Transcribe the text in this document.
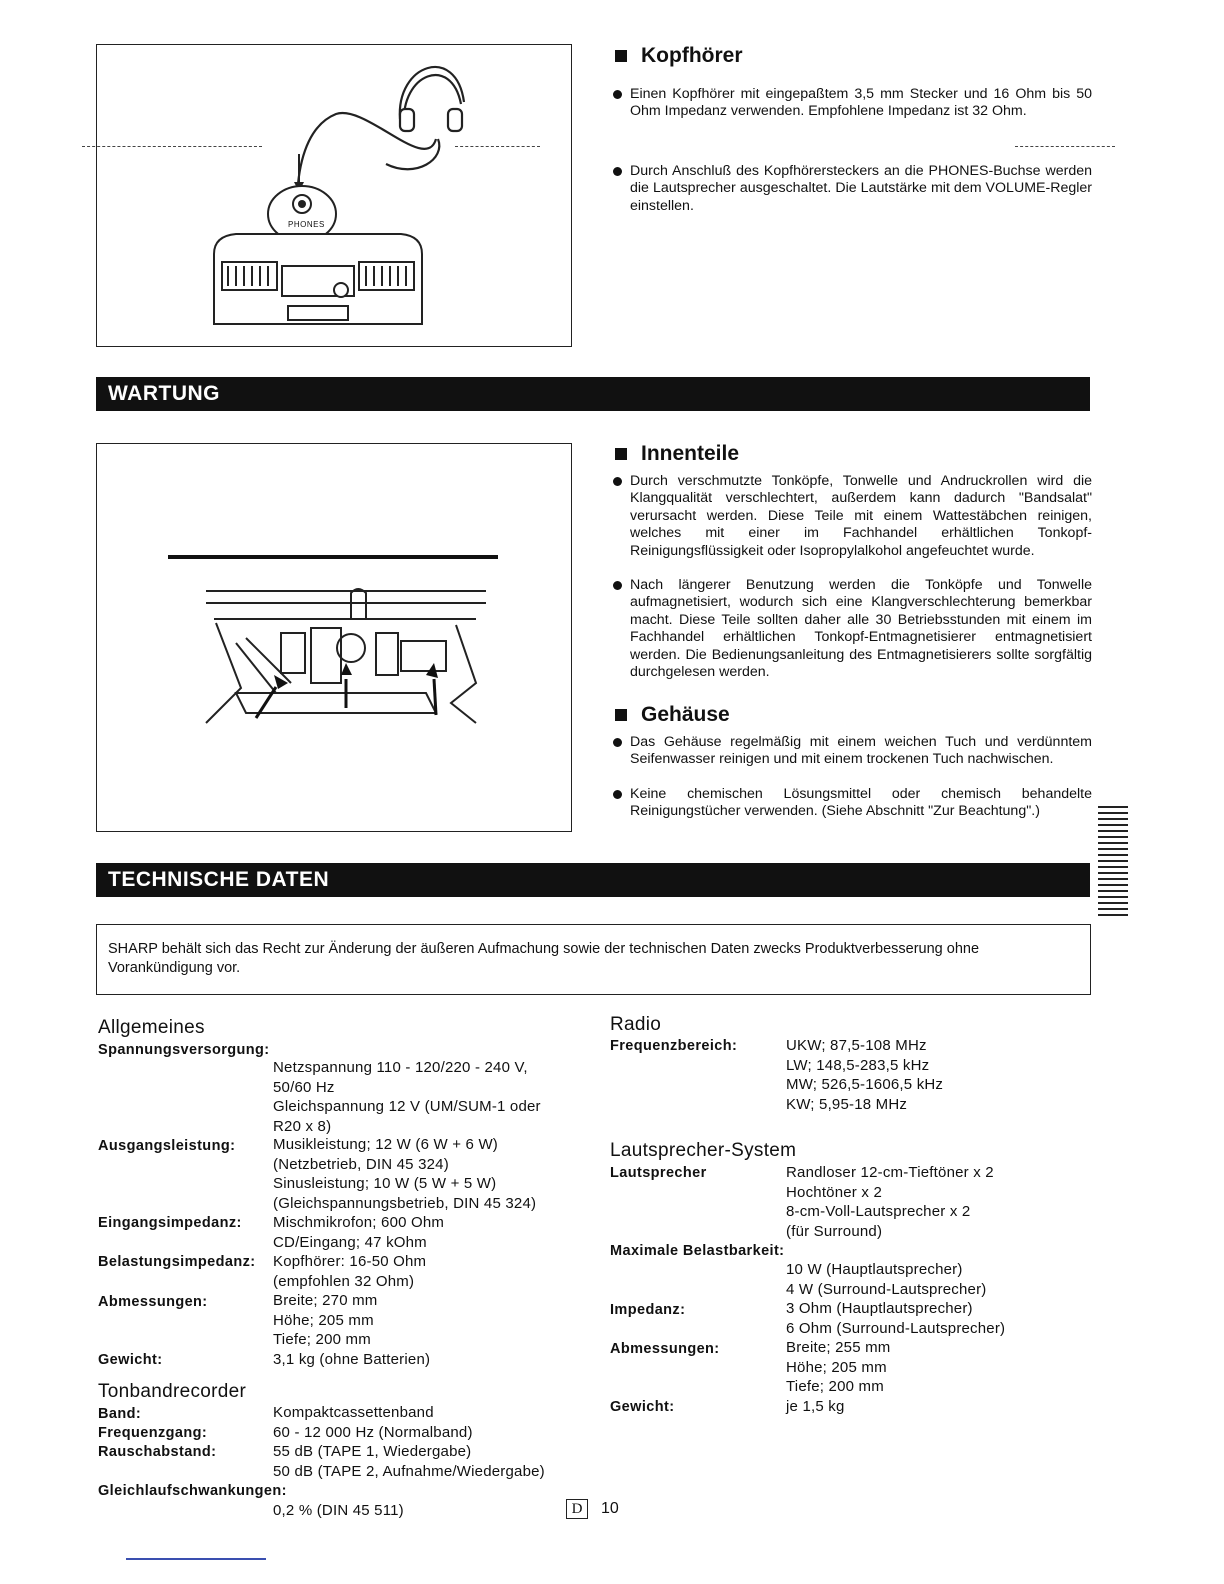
PHONES
Kopfhörer
Einen Kopfhörer mit eingepaßtem 3,5 mm Stecker und 16 Ohm bis 50 Ohm Impedanz verwenden. Empfohlene Impedanz ist 32 Ohm.
Durch Anschluß des Kopfhörersteckers an die PHONES-Buchse werden die Lautsprecher ausgeschaltet. Die Lautstärke mit dem VOLUME-Regler einstellen.
WARTUNG
Innenteile
Durch verschmutzte Tonköpfe, Tonwelle und Andruckrollen wird die Klangqualität verschlechtert, außerdem kann dadurch "Bandsalat" verursacht werden. Diese Teile mit einem Wattestäbchen reinigen, welches mit einer im Fachhandel erhältlichen Tonkopf-Reinigungsflüssigkeit oder Isopropylalkohol angefeuchtet wurde.
Nach längerer Benutzung werden die Tonköpfe und Tonwelle aufmagnetisiert, wodurch sich eine Klangverschlechterung bemerkbar macht. Diese Teile sollten daher alle 30 Betriebsstunden mit einem im Fachhandel erhältlichen Tonkopf-Entmagnetisierer entmagnetisiert werden. Die Bedienungsanleitung des Entmagnetisierers sollte sorgfältig durchgelesen werden.
Gehäuse
Das Gehäuse regelmäßig mit einem weichen Tuch und verdünntem Seifenwasser reinigen und mit einem trockenen Tuch nachwischen.
Keine chemischen Lösungsmittel oder chemisch behandelte Reinigungstücher verwenden. (Siehe Abschnitt "Zur Beachtung".)
TECHNISCHE DATEN
SHARP behält sich das Recht zur Änderung der äußeren Aufmachung sowie der technischen Daten zwecks Produktverbesserung ohne Vorankündigung vor.
Allgemeines
Spannungsversorgung:
Netzspannung 110 - 120/220 - 240 V,
50/60 Hz
Gleichspannung 12 V (UM/SUM-1 oder
R20 x 8)
Ausgangsleistung:	Musikleistung; 12 W (6 W + 6 W)
(Netzbetrieb, DIN 45 324)
Sinusleistung; 10 W (5 W + 5 W)
(Gleichspannungsbetrieb, DIN 45 324)
Eingangsimpedanz: Mischmikrofon; 600 Ohm
CD/Eingang; 47 kOhm
Belastungsimpedanz: Kopfhörer: 16-50 Ohm
(empfohlen 32 Ohm)
Abmessungen:	Breite; 270 mm
Höhe; 205 mm
Tiefe; 200 mm
Gewicht:	3,1 kg (ohne Batterien)
Tonbandrecorder
Band:	Kompaktcassettenband
Frequenzgang:	60 - 12 000 Hz (Normalband)
Rauschabstand:	55 dB (TAPE 1, Wiedergabe)
50 dB (TAPE 2, Aufnahme/Wiedergabe)
Gleichlaufschwankungen:
0,2 % (DIN 45 511)
Radio
Frequenzbereich:	UKW; 87,5-108 MHz
LW; 148,5-283,5 kHz
MW; 526,5-1606,5 kHz
KW; 5,95-18 MHz
Lautsprecher-System
Lautsprecher	Randloser 12-cm-Tieftöner x 2
Hochtöner x 2
8-cm-Voll-Lautsprecher x 2
(für Surround)
Maximale Belastbarkeit:
10 W (Hauptlautsprecher)
4 W (Surround-Lautsprecher)
Impedanz:	3 Ohm (Hauptlautsprecher)
6 Ohm (Surround-Lautsprecher)
Abmessungen:	Breite; 255 mm
Höhe; 205 mm
Tiefe; 200 mm
Gewicht:	je 1,5 kg
D 10
